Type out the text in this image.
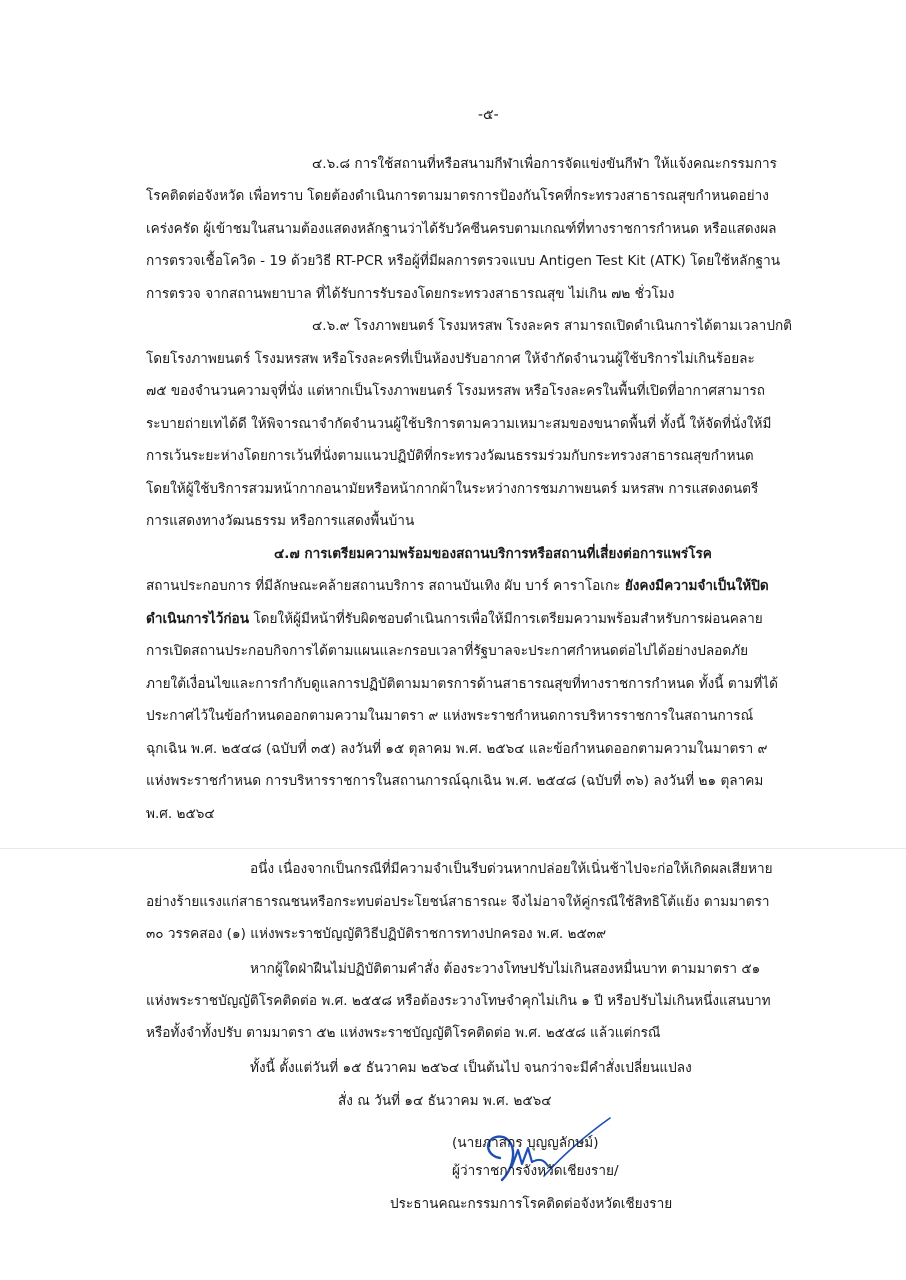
-๕-
๔.๖.๘ การใช้สถานที่หรือสนามกีฬาเพื่อการจัดแข่งขันกีฬา ให้แจ้งคณะกรรมการ
โรคติดต่อจังหวัด เพื่อทราบ โดยต้องดำเนินการตามมาตรการป้องกันโรคที่กระทรวงสาธารณสุขกำหนดอย่าง
เคร่งครัด ผู้เข้าชมในสนามต้องแสดงหลักฐานว่าได้รับวัคซีนครบตามเกณฑ์ที่ทางราชการกำหนด หรือแสดงผล
การตรวจเชื้อโควิด - 19 ด้วยวิธี RT-PCR หรือผู้ที่มีผลการตรวจแบบ Antigen Test Kit (ATK) โดยใช้หลักฐาน
การตรวจ จากสถานพยาบาล ที่ได้รับการรับรองโดยกระทรวงสาธารณสุข ไม่เกิน ๗๒ ชั่วโมง
๔.๖.๙ โรงภาพยนตร์ โรงมหรสพ โรงละคร สามารถเปิดดำเนินการได้ตามเวลาปกติ
โดยโรงภาพยนตร์ โรงมหรสพ หรือโรงละครที่เป็นห้องปรับอากาศ ให้จำกัดจำนวนผู้ใช้บริการไม่เกินร้อยละ
๗๕ ของจำนวนความจุที่นั่ง แต่หากเป็นโรงภาพยนตร์ โรงมหรสพ หรือโรงละครในพื้นที่เปิดที่อากาศสามารถ
ระบายถ่ายเทได้ดี ให้พิจารณาจำกัดจำนวนผู้ใช้บริการตามความเหมาะสมของขนาดพื้นที่ ทั้งนี้ ให้จัดที่นั่งให้มี
การเว้นระยะห่างโดยการเว้นที่นั่งตามแนวปฏิบัติที่กระทรวงวัฒนธรรมร่วมกับกระทรวงสาธารณสุขกำหนด
โดยให้ผู้ใช้บริการสวมหน้ากากอนามัยหรือหน้ากากผ้าในระหว่างการชมภาพยนตร์ มหรสพ การแสดงดนตรี
การแสดงทางวัฒนธรรม หรือการแสดงพื้นบ้าน
๔.๗ การเตรียมความพร้อมของสถานบริการหรือสถานที่เสี่ยงต่อการแพร่โรค
สถานประกอบการ ที่มีลักษณะคล้ายสถานบริการ สถานบันเทิง ผับ บาร์ คาราโอเกะ ยังคงมีความจำเป็นให้ปิด
ดำเนินการไว้ก่อน โดยให้ผู้มีหน้าที่รับผิดชอบดำเนินการเพื่อให้มีการเตรียมความพร้อมสำหรับการผ่อนคลาย
การเปิดสถานประกอบกิจการได้ตามแผนและกรอบเวลาที่รัฐบาลจะประกาศกำหนดต่อไปได้อย่างปลอดภัย
ภายใต้เงื่อนไขและการกำกับดูแลการปฏิบัติตามมาตรการด้านสาธารณสุขที่ทางราชการกำหนด ทั้งนี้ ตามที่ได้
ประกาศไว้ในข้อกำหนดออกตามความในมาตรา ๙ แห่งพระราชกำหนดการบริหารราชการในสถานการณ์
ฉุกเฉิน พ.ศ. ๒๕๔๘ (ฉบับที่ ๓๕) ลงวันที่ ๑๕ ตุลาคม พ.ศ. ๒๕๖๔ และข้อกำหนดออกตามความในมาตรา ๙
แห่งพระราชกำหนด การบริหารราชการในสถานการณ์ฉุกเฉิน พ.ศ. ๒๕๔๘ (ฉบับที่ ๓๖) ลงวันที่ ๒๑ ตุลาคม
พ.ศ. ๒๕๖๔
อนึ่ง เนื่องจากเป็นกรณีที่มีความจำเป็นรีบด่วนหากปล่อยให้เนิ่นช้าไปจะก่อให้เกิดผลเสียหาย
อย่างร้ายแรงแก่สาธารณชนหรือกระทบต่อประโยชน์สาธารณะ จึงไม่อาจให้คู่กรณีใช้สิทธิโต้แย้ง ตามมาตรา
๓๐ วรรคสอง (๑) แห่งพระราชบัญญัติวิธีปฏิบัติราชการทางปกครอง พ.ศ. ๒๕๓๙
หากผู้ใดฝ่าฝืนไม่ปฏิบัติตามคำสั่ง ต้องระวางโทษปรับไม่เกินสองหมื่นบาท ตามมาตรา ๕๑
แห่งพระราชบัญญัติโรคติดต่อ พ.ศ. ๒๕๕๘ หรือต้องระวางโทษจำคุกไม่เกิน ๑ ปี หรือปรับไม่เกินหนึ่งแสนบาท
หรือทั้งจำทั้งปรับ ตามมาตรา ๕๒ แห่งพระราชบัญญัติโรคติดต่อ พ.ศ. ๒๕๕๘ แล้วแต่กรณี
ทั้งนี้ ตั้งแต่วันที่ ๑๕ ธันวาคม ๒๕๖๔ เป็นต้นไป จนกว่าจะมีคำสั่งเปลี่ยนแปลง
สั่ง ณ วันที่ ๑๔ ธันวาคม พ.ศ. ๒๕๖๔
(นายภาสกร บุญญลักษม์)
ผู้ว่าราชการจังหวัดเชียงราย/
ประธานคณะกรรมการโรคติดต่อจังหวัดเชียงราย
